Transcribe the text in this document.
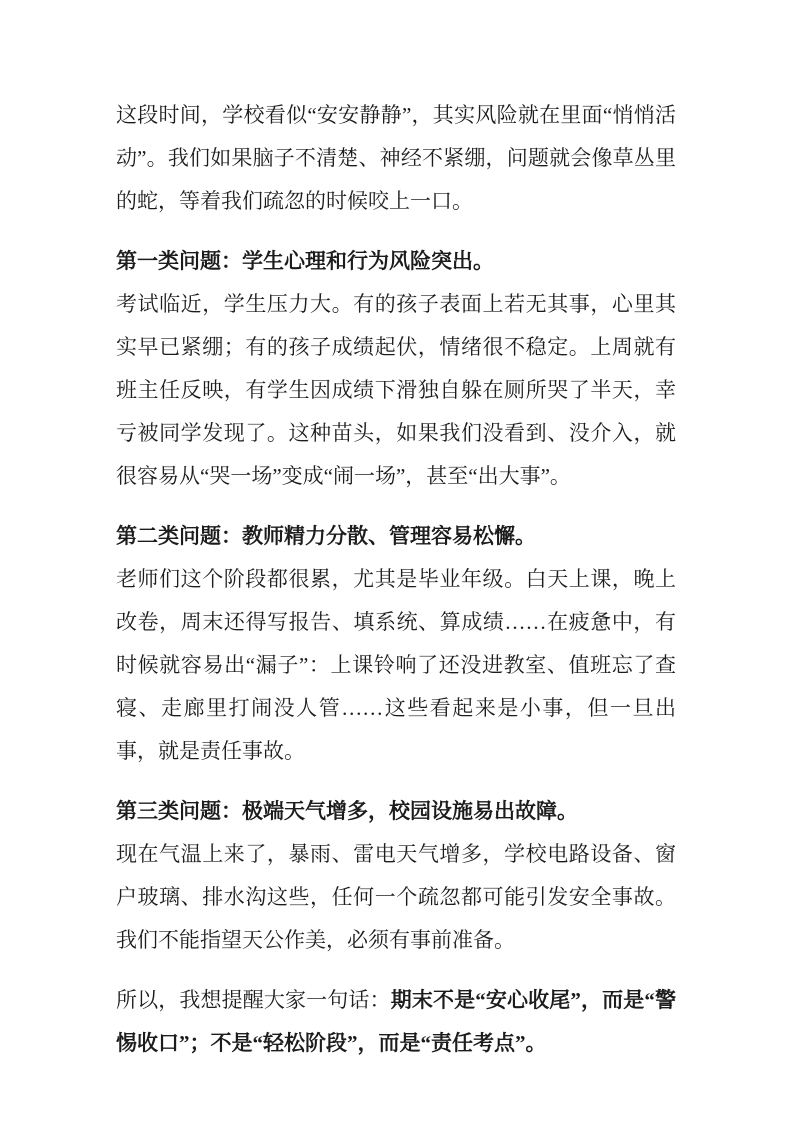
这段时间，学校看似“安安静静”，其实风险就在里面“悄悄活动”。我们如果脑子不清楚、神经不紧绷，问题就会像草丛里的蛇，等着我们疏忽的时候咬上一口。

第一类问题：学生心理和行为风险突出。

考试临近，学生压力大。有的孩子表面上若无其事，心里其实早已紧绷；有的孩子成绩起伏，情绪很不稳定。上周就有班主任反映，有学生因成绩下滑独自躲在厕所哭了半天，幸亏被同学发现了。这种苗头，如果我们没看到、没介入，就很容易从“哭一场”变成“闹一场”，甚至“出大事”。

第二类问题：教师精力分散、管理容易松懈。

老师们这个阶段都很累，尤其是毕业年级。白天上课，晚上改卷，周末还得写报告、填系统、算成绩……在疲惫中，有时候就容易出“漏子”：上课铃响了还没进教室、值班忘了查寝、走廊里打闹没人管……这些看起来是小事，但一旦出事，就是责任事故。

第三类问题：极端天气增多，校园设施易出故障。

现在气温上来了，暴雨、雷电天气增多，学校电路设备、窗户玻璃、排水沟这些，任何一个疏忽都可能引发安全事故。我们不能指望天公作美，必须有事前准备。

所以，我想提醒大家一句话：期末不是“安心收尾”，而是“警惕收口”；不是“轻松阶段”，而是“责任考点”。
